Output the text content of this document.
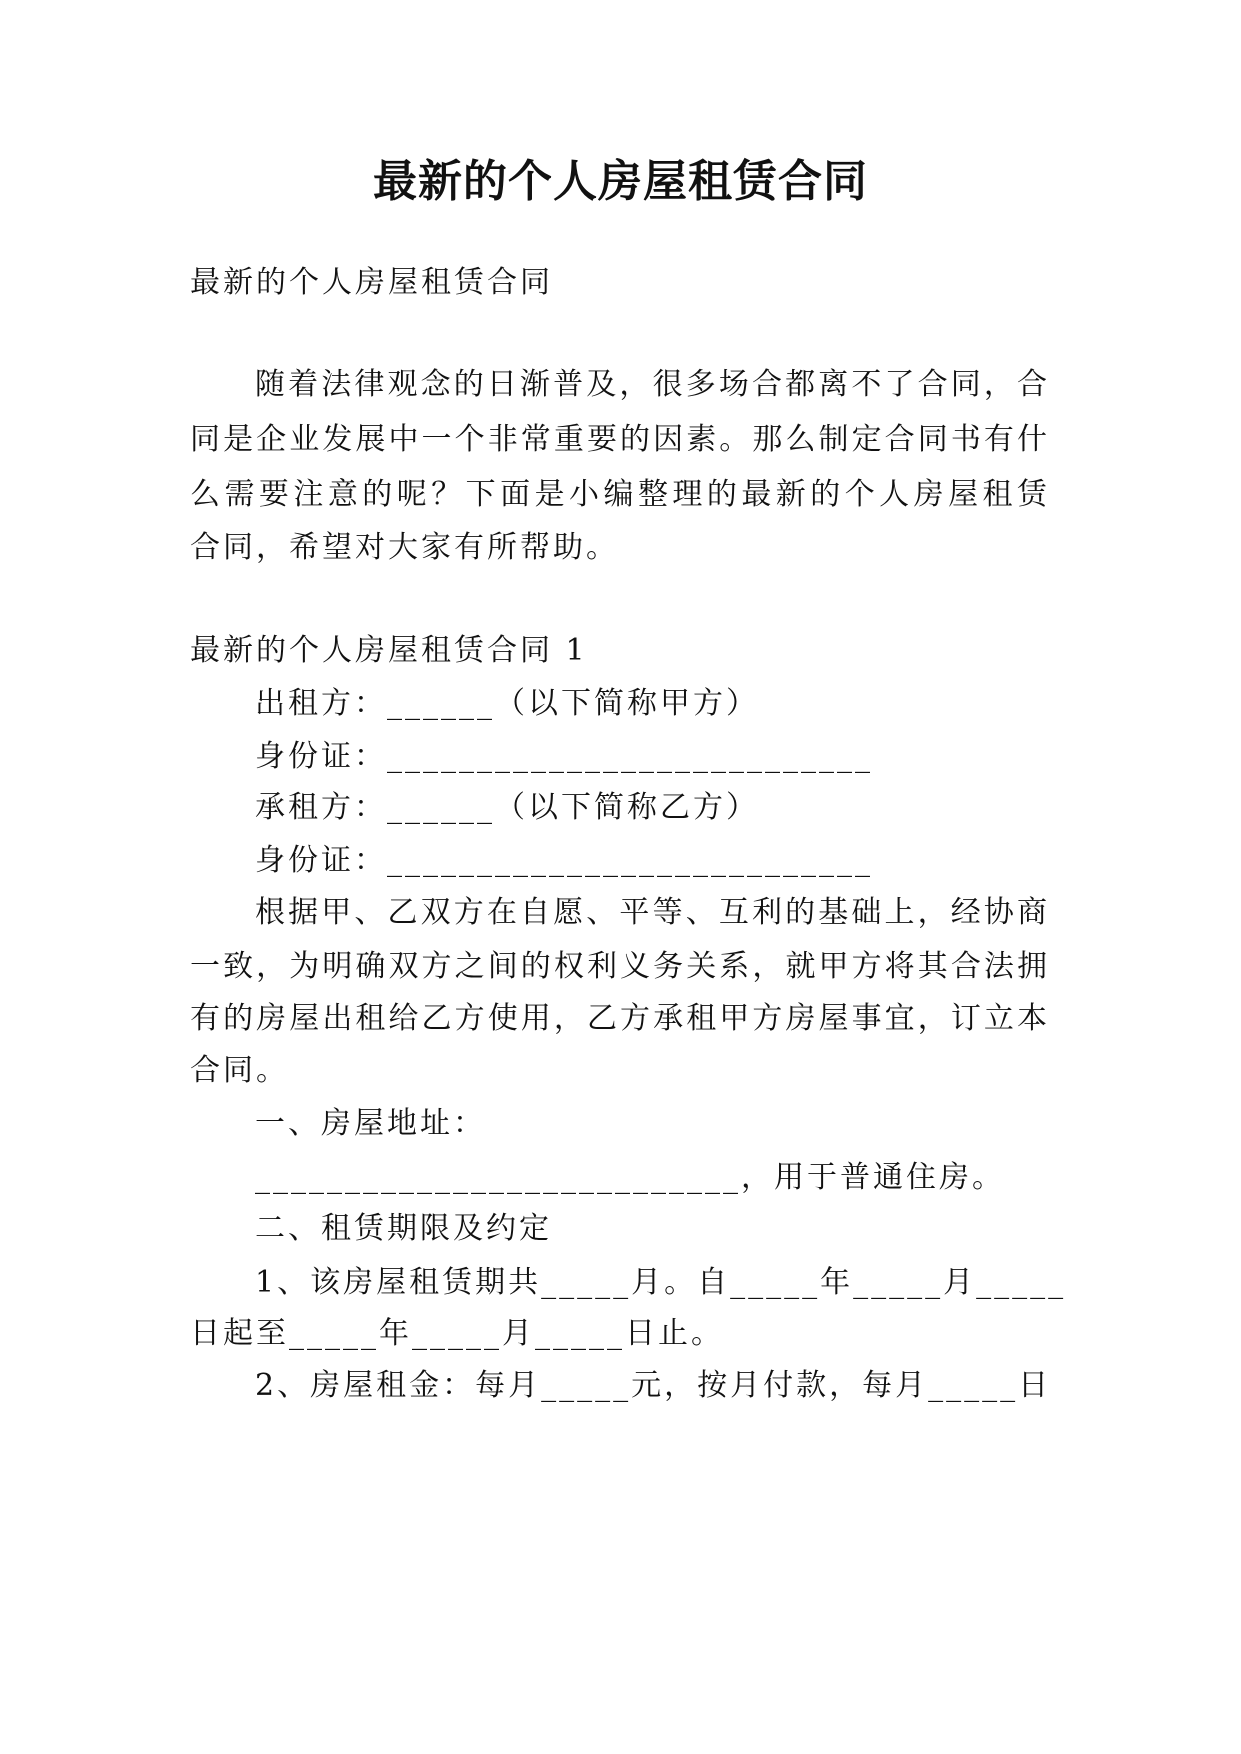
最新的个人房屋租赁合同
最新的个人房屋租赁合同
随着法律观念的日渐普及，很多场合都离不了合同，合
同是企业发展中一个非常重要的因素。那么制定合同书有什
么需要注意的呢？下面是小编整理的最新的个人房屋租赁
合同，希望对大家有所帮助。
最新的个人房屋租赁合同 1
出租方：______（以下简称甲方）
身份证：___________________________
承租方：______（以下简称乙方）
身份证：___________________________
根据甲、乙双方在自愿、平等、互利的基础上，经协商
一致，为明确双方之间的权利义务关系，就甲方将其合法拥
有的房屋出租给乙方使用，乙方承租甲方房屋事宜，订立本
合同。
一、房屋地址：
___________________________，用于普通住房。
二、租赁期限及约定
1、该房屋租赁期共_____月。自_____年_____月_____
日起至_____年_____月_____日止。
2、房屋租金：每月_____元，按月付款，每月_____日
